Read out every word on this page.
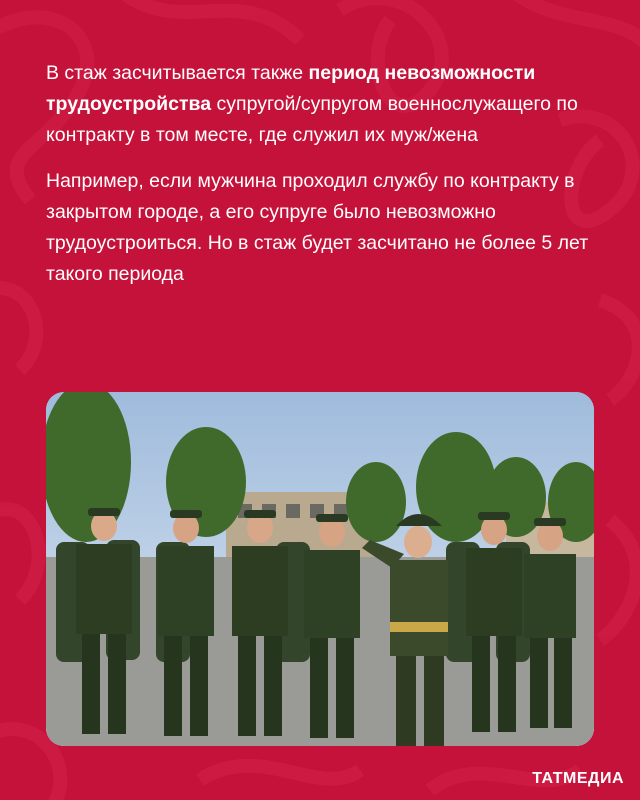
В стаж засчитывается также период невозможности трудоустройства супругой/супругом военнослужащего по контракту в том месте, где служил их муж/жена

Например, если мужчина проходил службу по контракту в закрытом городе, а его супруге было невозможно трудоустроиться. Но в стаж будет засчитано не более 5 лет такого периода

ТАТМЕДИА
